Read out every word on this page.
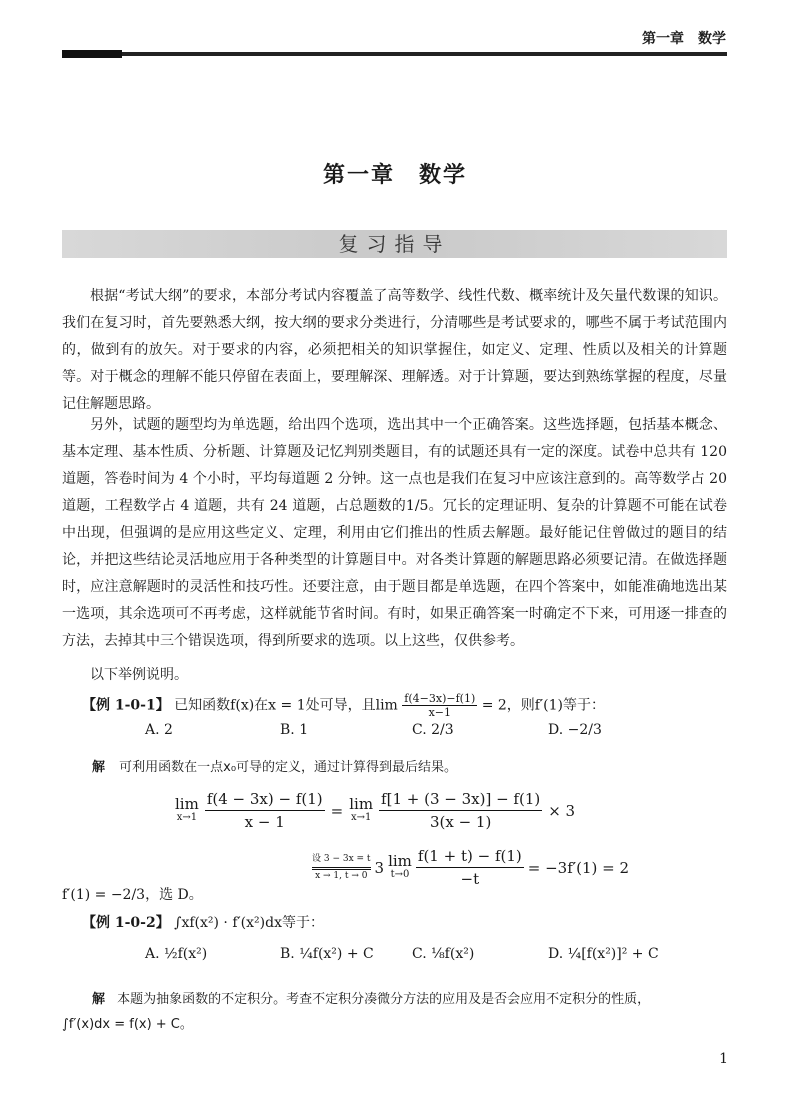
第一章　数学
第一章　数学
复习指导

根据“考试大纲”的要求，本部分考试内容覆盖了高等数学、线性代数、概率统计及矢量代数课的知识。我们在复习时，首先要熟悉大纲，按大纲的要求分类进行，分清哪些是考试要求的，哪些不属于考试范围内的，做到有的放矢。对于要求的内容，必须把相关的知识掌握住，如定义、定理、性质以及相关的计算题等。对于概念的理解不能只停留在表面上，要理解深、理解透。对于计算题，要达到熟练掌握的程度，尽量记住解题思路。

另外，试题的题型均为单选题，给出四个选项，选出其中一个正确答案。这些选择题，包括基本概念、基本定理、基本性质、分析题、计算题及记忆判别类题目，有的试题还具有一定的深度。试卷中总共有 120 道题，答卷时间为 4 个小时，平均每道题 2 分钟。这一点也是我们在复习中应该注意到的。高等数学占 20 道题，工程数学占 4 道题，共有 24 道题，占总题数的1/5。冗长的定理证明、复杂的计算题不可能在试卷中出现，但强调的是应用这些定义、定理，利用由它们推出的性质去解题。最好能记住曾做过的题目的结论，并把这些结论灵活地应用于各种类型的计算题目中。对各类计算题的解题思路必须要记清。在做选择题时，应注意解题时的灵活性和技巧性。还要注意，由于题目都是单选题，在四个答案中，如能准确地选出某一选项，其余选项可不再考虑，这样就能节省时间。有时，如果正确答案一时确定不下来，可用逐一排查的方法，去掉其中三个错误选项，得到所要求的选项。以上这些，仅供参考。

以下举例说明。

【例 1-0-1】 已知函数f(x)在x = 1处可导，且$\lim \frac{f(4-3x)-f(1)}{x-1} = 2$，则f′(1)等于：
A. 2	B. 1	C. 2/3	D. −2/3
解 可利用函数在一点x₀可导的定义，通过计算得到最后结果。
lim
$x\to 1 \frac{f(4 - 3x) - f(1)}{x - 1} = \lim$
$x\to 1 \frac{f[1 + (3 - 3x)] - f(1)}{3(x - 1)} \times 3$
设 3 − 3x = t
x → 1, t → 0 3 lim
$t\to 0 \frac{f(1 + t) - f(1)}{-t} = -3f'(1) = 2$
f′(1) = −2/3，选 D。
【例 1-0-2】 ∫xf(x²) · f′(x²)dx等于：
A. ½f(x²)	B. ¼f(x²) + C	C. ⅛f(x²)	D. ¼[f(x²)]² + C
解 本题为抽象函数的不定积分。考查不定积分凑微分方法的应用及是否会应用不定积分的性质，
∫f′(x)dx = f(x) + C。
1
